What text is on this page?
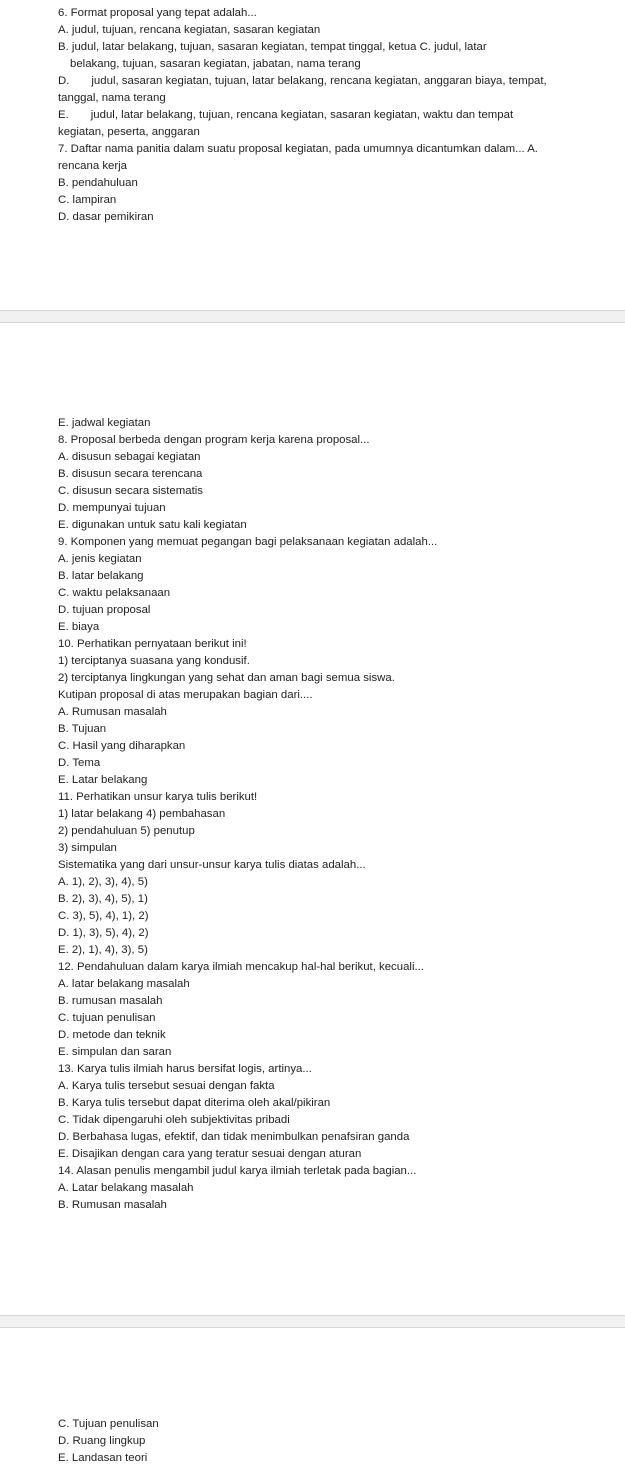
6. Format proposal yang tepat adalah...
A. judul, tujuan, rencana kegiatan, sasaran kegiatan
B. judul, latar belakang, tujuan, sasaran kegiatan, tempat tinggal, ketua C. judul, latar
belakang, tujuan, sasaran kegiatan, jabatan, nama terang
D. judul, sasaran kegiatan, tujuan, latar belakang, rencana kegiatan, anggaran biaya, tempat,
tanggal, nama terang
E. judul, latar belakang, tujuan, rencana kegiatan, sasaran kegiatan, waktu dan tempat
kegiatan, peserta, anggaran
7. Daftar nama panitia dalam suatu proposal kegiatan, pada umumnya dicantumkan dalam... A.
rencana kerja
B. pendahuluan
C. lampiran
D. dasar pemikiran
E. jadwal kegiatan
8. Proposal berbeda dengan program kerja karena proposal...
A. disusun sebagai kegiatan
B. disusun secara terencana
C. disusun secara sistematis
D. mempunyai tujuan
E. digunakan untuk satu kali kegiatan
9. Komponen yang memuat pegangan bagi pelaksanaan kegiatan adalah...
A. jenis kegiatan
B. latar belakang
C. waktu pelaksanaan
D. tujuan proposal
E. biaya
10. Perhatikan pernyataan berikut ini!
1) terciptanya suasana yang kondusif.
2) terciptanya lingkungan yang sehat dan aman bagi semua siswa.
Kutipan proposal di atas merupakan bagian dari....
A. Rumusan masalah
B. Tujuan
C. Hasil yang diharapkan
D. Tema
E. Latar belakang
11. Perhatikan unsur karya tulis berikut!
1) latar belakang 4) pembahasan
2) pendahuluan 5) penutup
3) simpulan
Sistematika yang dari unsur-unsur karya tulis diatas adalah...
A. 1), 2), 3), 4), 5)
B. 2), 3), 4), 5), 1)
C. 3), 5), 4), 1), 2)
D. 1), 3), 5), 4), 2)
E. 2), 1), 4), 3), 5)
12. Pendahuluan dalam karya ilmiah mencakup hal-hal berikut, kecuali...
A. latar belakang masalah
B. rumusan masalah
C. tujuan penulisan
D. metode dan teknik
E. simpulan dan saran
13. Karya tulis ilmiah harus bersifat logis, artinya...
A. Karya tulis tersebut sesuai dengan fakta
B. Karya tulis tersebut dapat diterima oleh akal/pikiran
C. Tidak dipengaruhi oleh subjektivitas pribadi
D. Berbahasa lugas, efektif, dan tidak menimbulkan penafsiran ganda
E. Disajikan dengan cara yang teratur sesuai dengan aturan
14. Alasan penulis mengambil judul karya ilmiah terletak pada bagian...
A. Latar belakang masalah
B. Rumusan masalah
C. Tujuan penulisan
D. Ruang lingkup
E. Landasan teori
